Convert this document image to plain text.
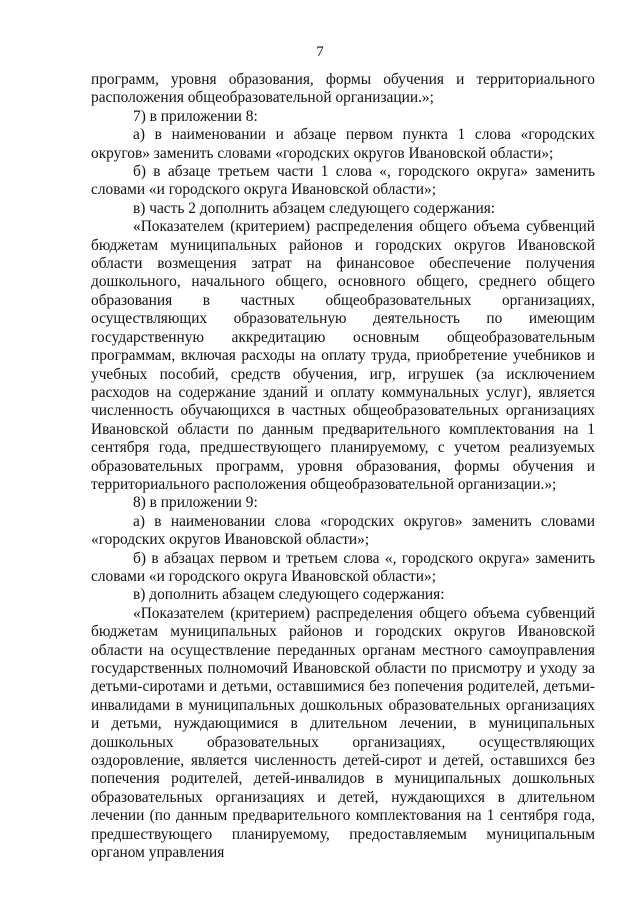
7

программ, уровня образования, формы обучения и территориального расположения общеобразовательной организации.»;

7) в приложении 8:

а) в наименовании и абзаце первом пункта 1 слова «городских округов» заменить словами «городских округов Ивановской области»;

б) в абзаце третьем части 1 слова «, городского округа» заменить словами «и городского округа Ивановской области»;

в) часть 2 дополнить абзацем следующего содержания:

«Показателем (критерием) распределения общего объема субвенций бюджетам муниципальных районов и городских округов Ивановской области возмещения затрат на финансовое обеспечение получения дошкольного, начального общего, основного общего, среднего общего образования в частных общеобразовательных организациях, осуществляющих образовательную деятельность по имеющим государственную аккредитацию основным общеобразовательным программам, включая расходы на оплату труда, приобретение учебников и учебных пособий, средств обучения, игр, игрушек (за исключением расходов на содержание зданий и оплату коммунальных услуг), является численность обучающихся в частных общеобразовательных организациях Ивановской области по данным предварительного комплектования на 1 сентября года, предшествующего планируемому, с учетом реализуемых образовательных программ, уровня образования, формы обучения и территориального расположения общеобразовательной организации.»;

8) в приложении 9:

а) в наименовании слова «городских округов» заменить словами «городских округов Ивановской области»;

б) в абзацах первом и третьем слова «, городского округа» заменить словами «и городского округа Ивановской области»;

в) дополнить абзацем следующего содержания:

«Показателем (критерием) распределения общего объема субвенций бюджетам муниципальных районов и городских округов Ивановской области на осуществление переданных органам местного самоуправления государственных полномочий Ивановской области по присмотру и уходу за детьми-сиротами и детьми, оставшимися без попечения родителей, детьми-инвалидами в муниципальных дошкольных образовательных организациях и детьми, нуждающимися в длительном лечении, в муниципальных дошкольных образовательных организациях, осуществляющих оздоровление, является численность детей-сирот и детей, оставшихся без попечения родителей, детей-инвалидов в муниципальных дошкольных образовательных организациях и детей, нуждающихся в длительном лечении (по данным предварительного комплектования на 1 сентября года, предшествующего планируемому, предоставляемым муниципальным органом управления
